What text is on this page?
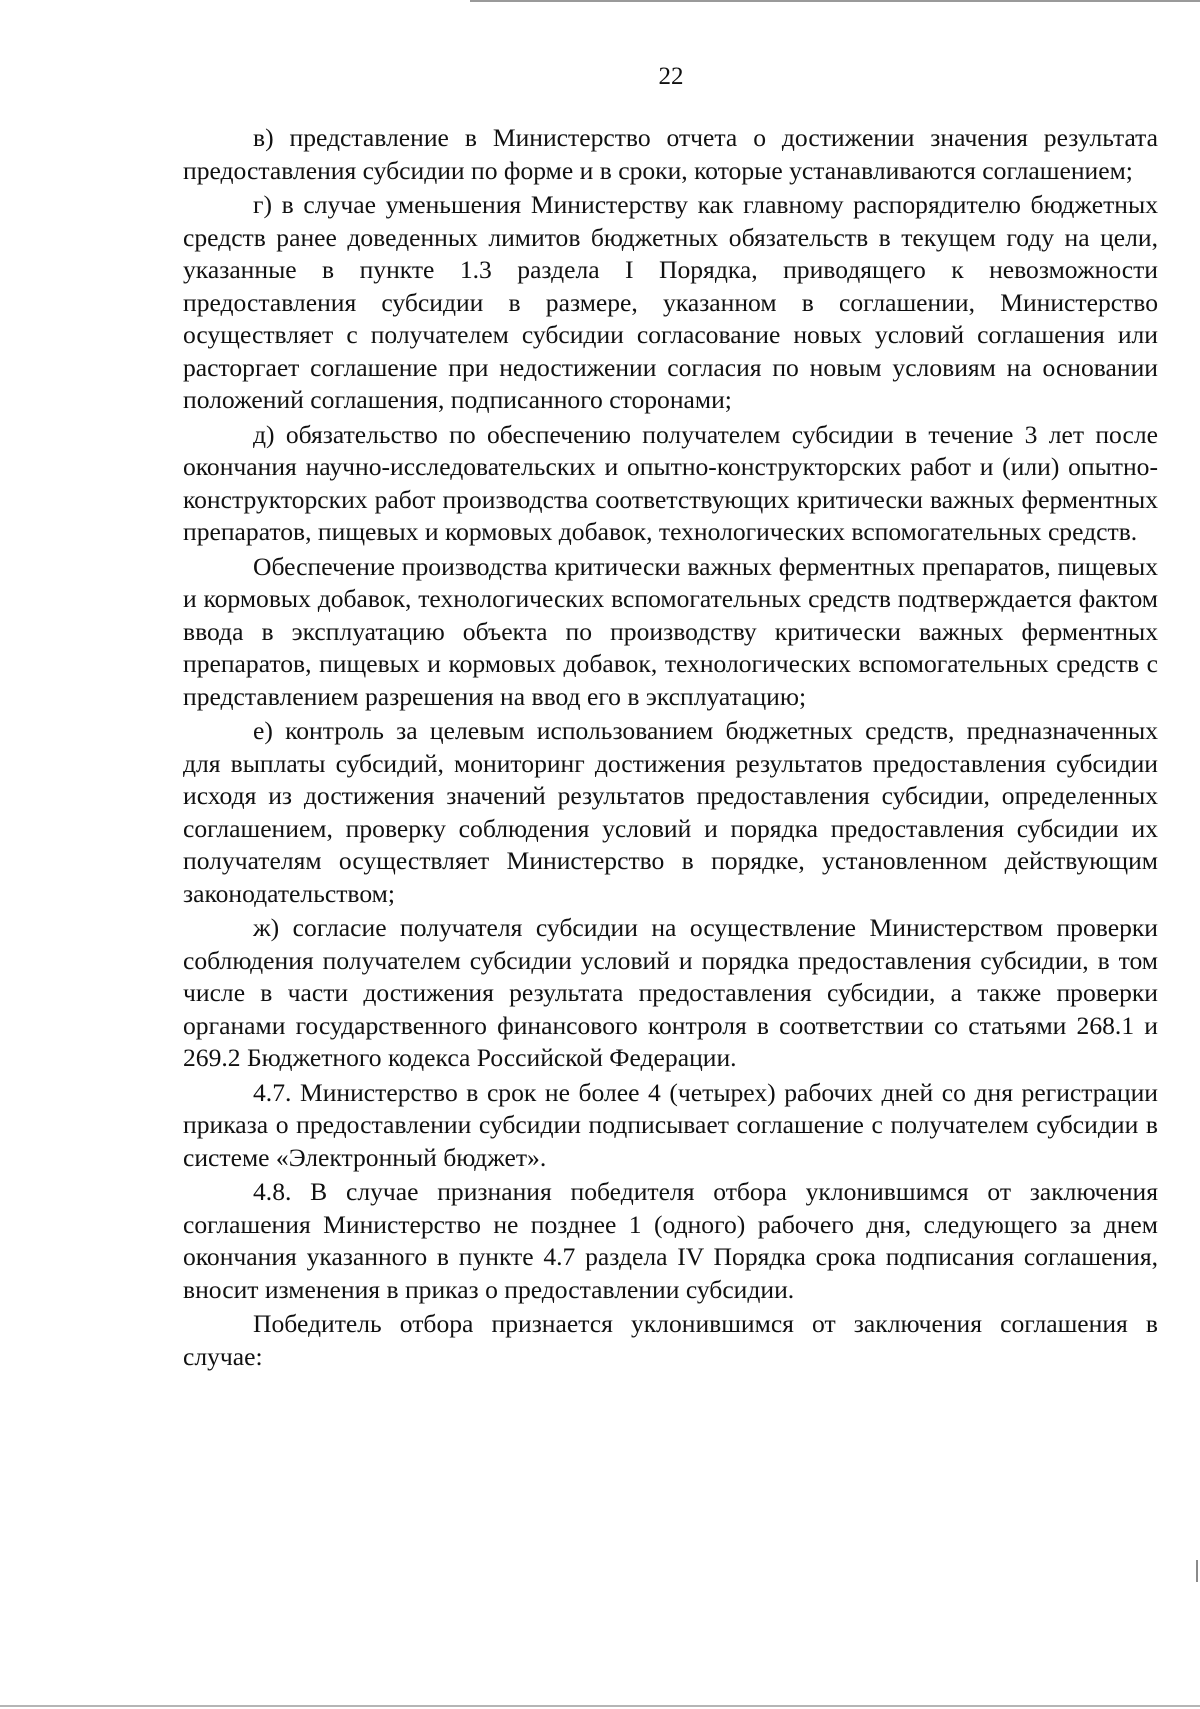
22

в) представление в Министерство отчета о достижении значения результата предоставления субсидии по форме и в сроки, которые устанавливаются соглашением;

г) в случае уменьшения Министерству как главному распорядителю бюджетных средств ранее доведенных лимитов бюджетных обязательств в текущем году на цели, указанные в пункте 1.3 раздела I Порядка, приводящего к невозможности предоставления субсидии в размере, указанном в соглашении, Министерство осуществляет с получателем субсидии согласование новых условий соглашения или расторгает соглашение при недостижении согласия по новым условиям на основании положений соглашения, подписанного сторонами;

д) обязательство по обеспечению получателем субсидии в течение 3 лет после окончания научно-исследовательских и опытно-конструкторских работ и (или) опытно-конструкторских работ производства соответствующих критически важных ферментных препаратов, пищевых и кормовых добавок, технологических вспомогательных средств.

Обеспечение производства критически важных ферментных препаратов, пищевых и кормовых добавок, технологических вспомогательных средств подтверждается фактом ввода в эксплуатацию объекта по производству критически важных ферментных препаратов, пищевых и кормовых добавок, технологических вспомогательных средств с представлением разрешения на ввод его в эксплуатацию;

е) контроль за целевым использованием бюджетных средств, предназначенных для выплаты субсидий, мониторинг достижения результатов предоставления субсидии исходя из достижения значений результатов предоставления субсидии, определенных соглашением, проверку соблюдения условий и порядка предоставления субсидии их получателям осуществляет Министерство в порядке, установленном действующим законодательством;

ж) согласие получателя субсидии на осуществление Министерством проверки соблюдения получателем субсидии условий и порядка предоставления субсидии, в том числе в части достижения результата предоставления субсидии, а также проверки органами государственного финансового контроля в соответствии со статьями 268.1 и 269.2 Бюджетного кодекса Российской Федерации.

4.7. Министерство в срок не более 4 (четырех) рабочих дней со дня регистрации приказа о предоставлении субсидии подписывает соглашение с получателем субсидии в системе «Электронный бюджет».

4.8. В случае признания победителя отбора уклонившимся от заключения соглашения Министерство не позднее 1 (одного) рабочего дня, следующего за днем окончания указанного в пункте 4.7 раздела IV Порядка срока подписания соглашения, вносит изменения в приказ о предоставлении субсидии.

Победитель отбора признается уклонившимся от заключения соглашения в случае:
